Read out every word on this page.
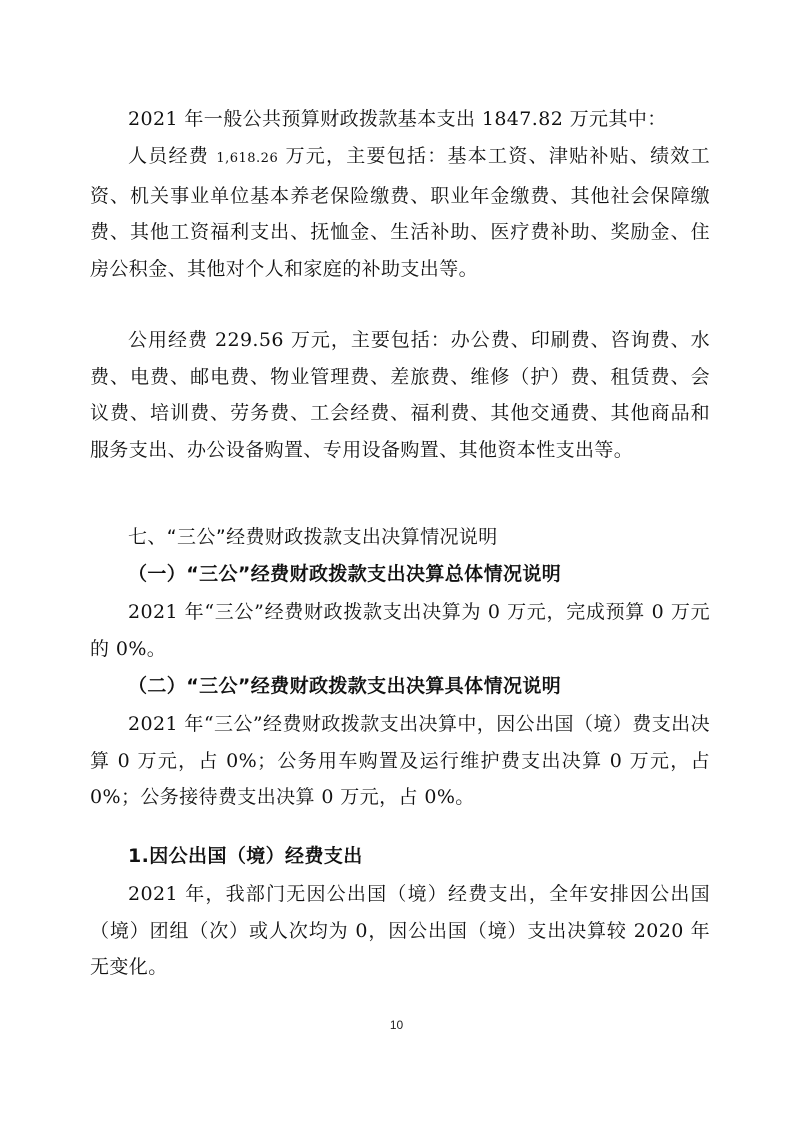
2021 年一般公共预算财政拨款基本支出 1847.82 万元其中：

人员经费 1,618.26 万元，主要包括：基本工资、津贴补贴、绩效工资、机关事业单位基本养老保险缴费、职业年金缴费、其他社会保障缴费、其他工资福利支出、抚恤金、生活补助、医疗费补助、奖励金、住房公积金、其他对个人和家庭的补助支出等。

公用经费 229.56 万元，主要包括：办公费、印刷费、咨询费、水费、电费、邮电费、物业管理费、差旅费、维修（护）费、租赁费、会议费、培训费、劳务费、工会经费、福利费、其他交通费、其他商品和服务支出、办公设备购置、专用设备购置、其他资本性支出等。

七、“三公”经费财政拨款支出决算情况说明

（一）“三公”经费财政拨款支出决算总体情况说明

2021 年“三公”经费财政拨款支出决算为 0 万元，完成预算 0 万元的 0%。

（二）“三公”经费财政拨款支出决算具体情况说明

2021 年“三公”经费财政拨款支出决算中，因公出国（境）费支出决算 0 万元，占 0%；公务用车购置及运行维护费支出决算 0 万元，占 0%；公务接待费支出决算 0 万元，占 0%。

1.因公出国（境）经费支出

2021 年，我部门无因公出国（境）经费支出，全年安排因公出国（境）团组（次）或人次均为 0，因公出国（境）支出决算较 2020 年无变化。

10
